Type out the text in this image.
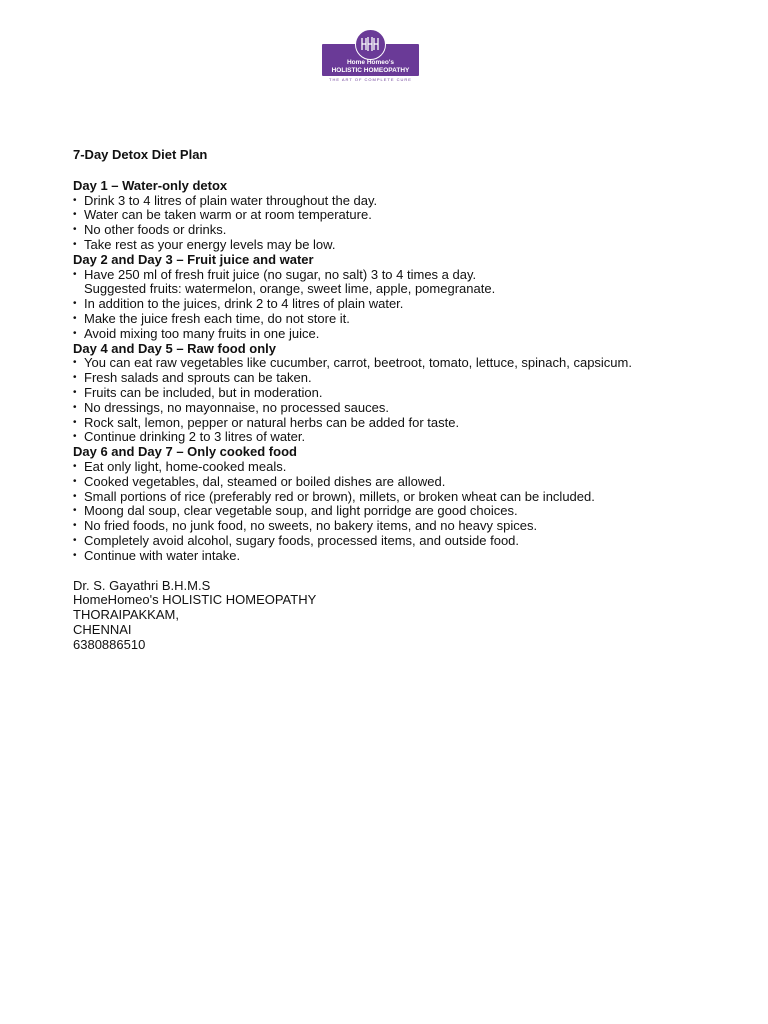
Home Homeo's
HOLISTIC HOMEOPATHY
THE ART OF COMPLETE CURE
7-Day Detox Diet Plan
Day 1 – Water-only detox
• Drink 3 to 4 litres of plain water throughout the day.
• Water can be taken warm or at room temperature.
• No other foods or drinks.
• Take rest as your energy levels may be low.
Day 2 and Day 3 – Fruit juice and water
• Have 250 ml of fresh fruit juice (no sugar, no salt) 3 to 4 times a day.
Suggested fruits: watermelon, orange, sweet lime, apple, pomegranate.
• In addition to the juices, drink 2 to 4 litres of plain water.
• Make the juice fresh each time, do not store it.
• Avoid mixing too many fruits in one juice.
Day 4 and Day 5 – Raw food only
• You can eat raw vegetables like cucumber, carrot, beetroot, tomato, lettuce, spinach, capsicum.
• Fresh salads and sprouts can be taken.
• Fruits can be included, but in moderation.
• No dressings, no mayonnaise, no processed sauces.
• Rock salt, lemon, pepper or natural herbs can be added for taste.
• Continue drinking 2 to 3 litres of water.
Day 6 and Day 7 – Only cooked food
• Eat only light, home-cooked meals.
• Cooked vegetables, dal, steamed or boiled dishes are allowed.
• Small portions of rice (preferably red or brown), millets, or broken wheat can be included.
• Moong dal soup, clear vegetable soup, and light porridge are good choices.
• No fried foods, no junk food, no sweets, no bakery items, and no heavy spices.
• Completely avoid alcohol, sugary foods, processed items, and outside food.
• Continue with water intake.
Dr. S. Gayathri B.H.M.S
HomeHomeo's HOLISTIC HOMEOPATHY
THORAIPAKKAM,
CHENNAI
6380886510
